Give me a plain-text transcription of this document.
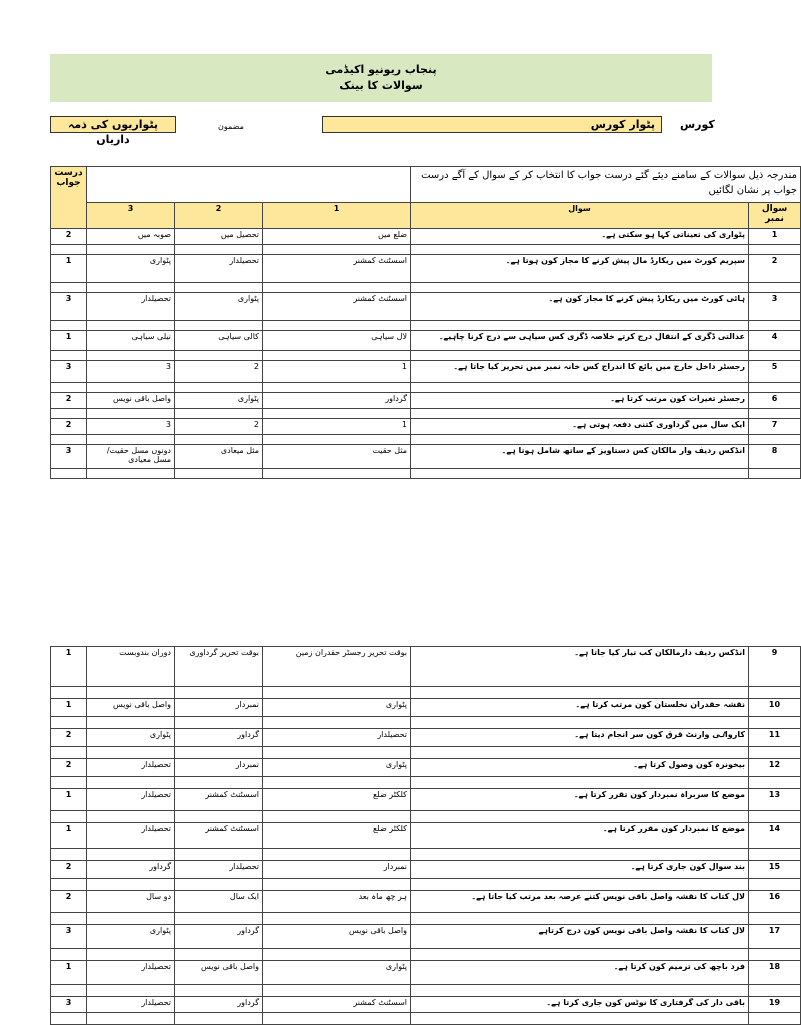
پنجاب ریونیو اکیڈمی
سوالات کا بینک
کورس
پٹوار کورس
مضمون
پٹواریوں کی ذمہ داریاں
درست جواب				مندرجہ ذیل سوالات کے سامنے دیئے گئے درست جواب کا انتخاب کر کے سوال کے آگے درست جواب پر نشان لگائیں	
	3	2	1	سوال	سوال نمبر
2	صوبہ میں	تحصیل میں	ضلع میں	پٹواری کی تعیناتی کہا ہو سکتی ہے۔	1

1	پٹواری	تحصیلدار	اسسٹنٹ کمشنر	سپریم کورٹ میں ریکارڈ مال پیش کرنے کا مجاز کون ہوتا ہے۔	2

3	تحصیلدار	پٹواری	اسسٹنٹ کمشنر	ہائی کورٹ میں ریکارڈ پیش کرنے کا مجاز کون ہے۔	3

1	نیلی سیاہی	کالی سیاہی	لال سیاہی	عدالتی ڈگری کے انتقال درج کرتے خلاصہ ڈگری کس سیاہی سے درج کرنا چاہیے۔	4

3	3	2	1	رجسٹر داخل خارج میں بائع کا اندراج کس خانہ نمبر میں تحریر کیا جاتا ہے۔	5

2	واصل باقی نویس	پٹواری	گرداور	رجسٹر تغیرات کون مرتب کرتا ہے۔	6

2	3	2	1	ایک سال میں گرداوری کتنی دفعہ ہوتی ہے۔	7

3	دونوں مسل حقیت/مسل معیادی	مثل میعادی	مثل حقیت	انڈکس ردیف وار مالکان کس دستاویز کے ساتھ شامل ہوتا ہے۔	8

1	دوران بندوبست	بوقت تحریر گرداوری	بوقت تحریر رجسٹر حقدران زمین	انڈکس ردیف دارمالکان کب تیار کیا جاتا ہے۔	9

1	واصل باقی نویس	نمبردار	پٹواری	نقشہ حقدران نخلستان کون مرتب کرتا ہے۔	10

2	پٹواری	گرداور	تحصیلدار	کارواٸی وارنٹ قرق کون سر انجام دیتا ہے۔	11

2	تحصیلدار	نمبردار	پٹواری	بیخونرہ کون وصول کرتا ہے۔	12

1	تحصیلدار	اسسٹنٹ کمشنر	کلکٹر ضلع	موضع کا سربراہ نمبردار کون تقرر کرتا ہے۔	13

1	تحصیلدار	اسسٹنٹ کمشنر	کلکٹر ضلع	موضع کا نمبردار کون مقرر کرتا ہے۔	14

2	گرداور	تحصیلدار	نمبردار	بند سوال کون جاری کرتا ہے۔	15

2	دو سال	ایک سال	ہر چھ ماہ بعد	لال کتاب کا نقشہ واصل باقی نویس کتنے عرصہ بعد مرتب کیا جاتا ہے۔	16

3	پٹواری	گرداور	واصل باقی نویس	لال کتاب کا نقشہ واصل باقی نویس کون درج کرتاہے	17

1	تحصیلدار	واصل باقی نویس	پٹواری	فرد باچھ کی ترمیم کون کرتا ہے۔	18

3	تحصیلدار	گرداور	اسسٹنٹ کمشنر	باقی دار کی گرفتاری کا نوٹس کون جاری کرتا ہے۔	19
